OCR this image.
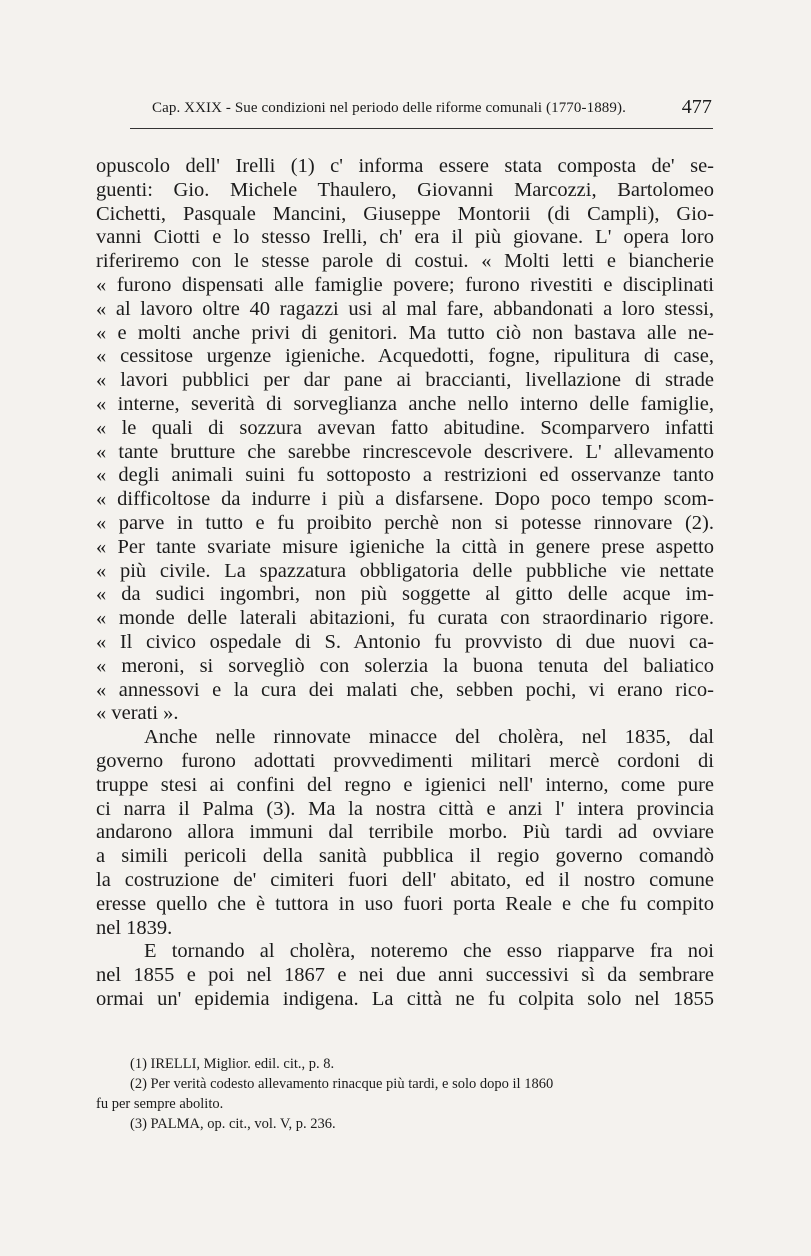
Cap. XXIX - Sue condizioni nel periodo delle riforme comunali (1770-1889).	477
opuscolo dell' Irelli (1) c' informa essere stata composta de' se-
guenti: Gio. Michele Thaulero, Giovanni Marcozzi, Bartolomeo
Cichetti, Pasquale Mancini, Giuseppe Montorii (di Campli), Gio-
vanni Ciotti e lo stesso Irelli, ch' era il più giovane. L' opera loro
riferiremo con le stesse parole di costui. « Molti letti e biancherie
« furono dispensati alle famiglie povere; furono rivestiti e disciplinati
« al lavoro oltre 40 ragazzi usi al mal fare, abbandonati a loro stessi,
« e molti anche privi di genitori. Ma tutto ciò non bastava alle ne-
« cessitose urgenze igieniche. Acquedotti, fogne, ripulitura di case,
« lavori pubblici per dar pane ai braccianti, livellazione di strade
« interne, severità di sorveglianza anche nello interno delle famiglie,
« le quali di sozzura avevan fatto abitudine. Scomparvero infatti
« tante brutture che sarebbe rincrescevole descrivere. L' allevamento
« degli animali suini fu sottoposto a restrizioni ed osservanze tanto
« difficoltose da indurre i più a disfarsene. Dopo poco tempo scom-
« parve in tutto e fu proibito perchè non si potesse rinnovare (2).
« Per tante svariate misure igieniche la città in genere prese aspetto
« più civile. La spazzatura obbligatoria delle pubbliche vie nettate
« da sudici ingombri, non più soggette al gitto delle acque im-
« monde delle laterali abitazioni, fu curata con straordinario rigore.
« Il civico ospedale di S. Antonio fu provvisto di due nuovi ca-
« meroni, si sorvegliò con solerzia la buona tenuta del baliatico
« annessovi e la cura dei malati che, sebben pochi, vi erano rico-
« verati ».
Anche nelle rinnovate minacce del cholèra, nel 1835, dal
governo furono adottati provvedimenti militari mercè cordoni di
truppe stesi ai confini del regno e igienici nell' interno, come pure
ci narra il Palma (3). Ma la nostra città e anzi l' intera provincia
andarono allora immuni dal terribile morbo. Più tardi ad ovviare
a simili pericoli della sanità pubblica il regio governo comandò
la costruzione de' cimiteri fuori dell' abitato, ed il nostro comune
eresse quello che è tuttora in uso fuori porta Reale e che fu compito
nel 1839.
E tornando al cholèra, noteremo che esso riapparve fra noi
nel 1855 e poi nel 1867 e nei due anni successivi sì da sembrare
ormai un' epidemia indigena. La città ne fu colpita solo nel 1855
(1) IRELLI, Miglior. edil. cit., p. 8.
(2) Per verità codesto allevamento rinacque più tardi, e solo dopo il 1860
fu per sempre abolito.
(3) PALMA, op. cit., vol. V, p. 236.
